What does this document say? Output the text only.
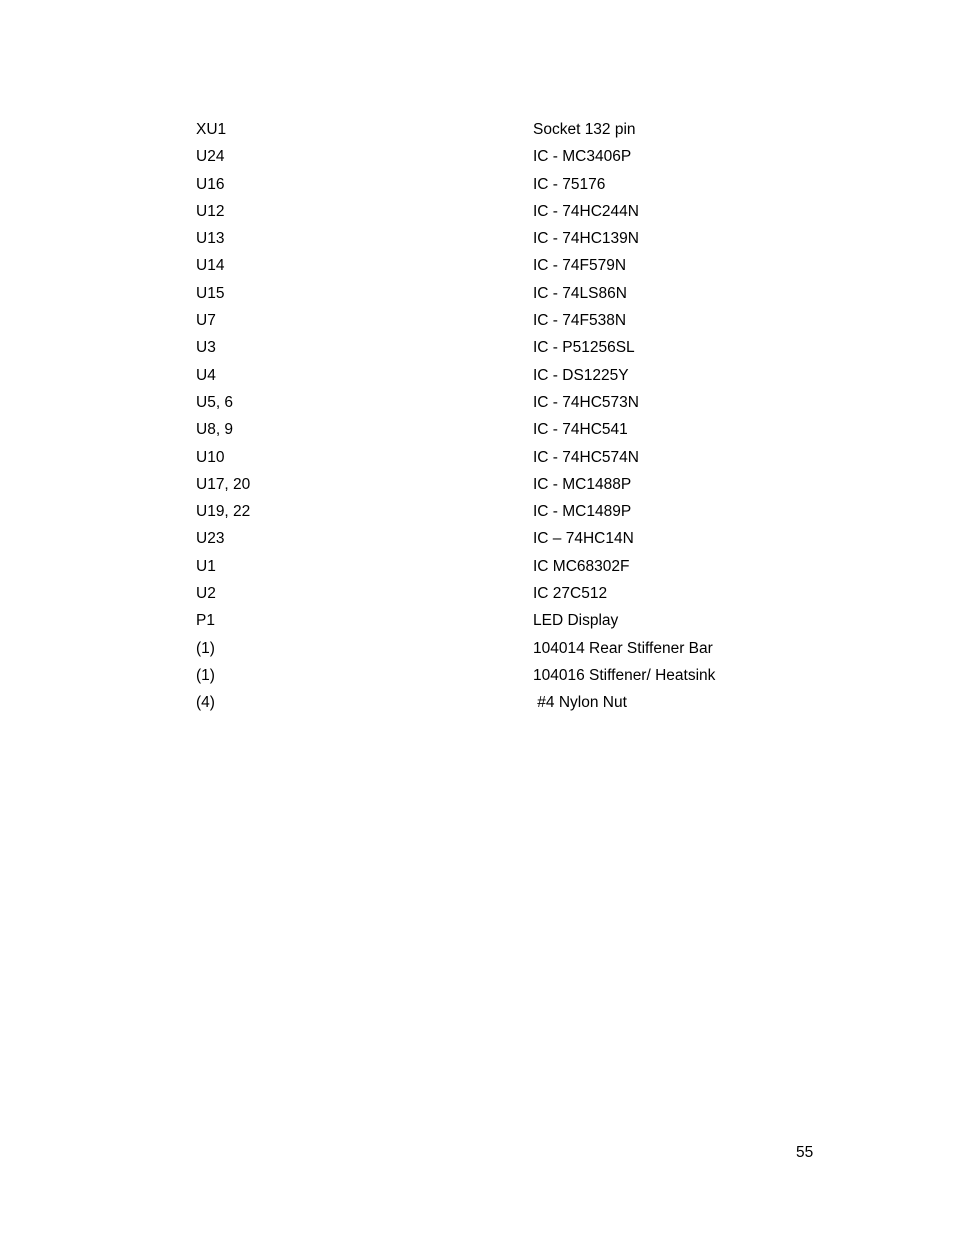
XU1	Socket 132 pin
U24	IC - MC3406P
U16	IC - 75176
U12	IC - 74HC244N
U13	IC - 74HC139N
U14	IC - 74F579N
U15	IC - 74LS86N
U7	IC - 74F538N
U3	IC - P51256SL
U4	IC - DS1225Y
U5, 6	IC - 74HC573N
U8, 9	IC - 74HC541
U10	IC - 74HC574N
U17, 20	IC - MC1488P
U19, 22	IC - MC1489P
U23	IC – 74HC14N
U1	IC MC68302F
U2	IC 27C512
P1	LED Display
(1)	104014 Rear Stiffener Bar
(1)	104016 Stiffener/ Heatsink
(4)	#4 Nylon Nut
55
